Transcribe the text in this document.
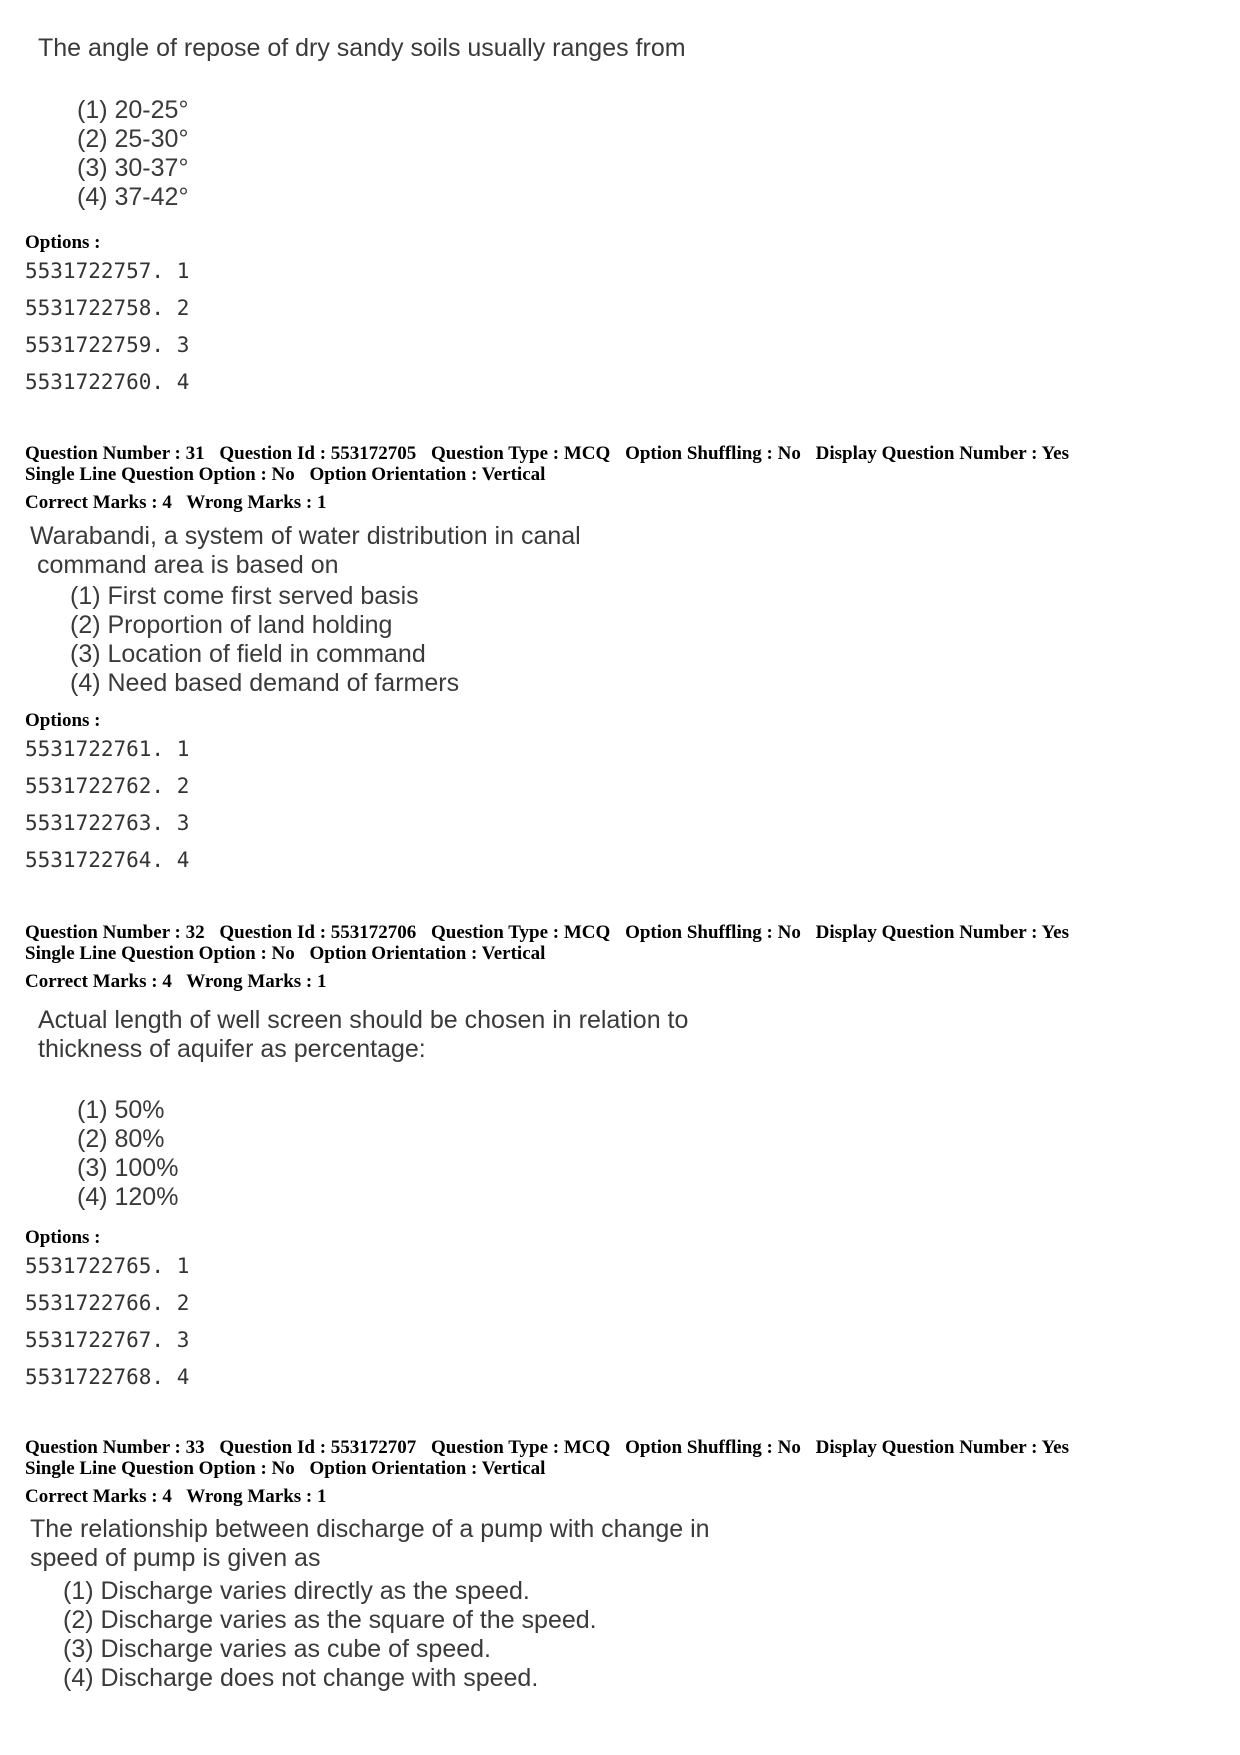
The angle of repose of dry sandy soils usually ranges from
(1) 20-25°
(2) 25-30°
(3) 30-37°
(4) 37-42°
Options :
5531722757. 1
5531722758. 2
5531722759. 3
5531722760. 4
Question Number : 31 Question Id : 553172705 Question Type : MCQ Option Shuffling : No Display Question Number : Yes
Single Line Question Option : No Option Orientation : Vertical
Correct Marks : 4 Wrong Marks : 1
Warabandi, a system of water distribution in canal
command area is based on
(1) First come first served basis
(2) Proportion of land holding
(3) Location of field in command
(4) Need based demand of farmers
Options :
5531722761. 1
5531722762. 2
5531722763. 3
5531722764. 4
Question Number : 32 Question Id : 553172706 Question Type : MCQ Option Shuffling : No Display Question Number : Yes
Single Line Question Option : No Option Orientation : Vertical
Correct Marks : 4 Wrong Marks : 1
Actual length of well screen should be chosen in relation to
thickness of aquifer as percentage:
(1) 50%
(2) 80%
(3) 100%
(4) 120%
Options :
5531722765. 1
5531722766. 2
5531722767. 3
5531722768. 4
Question Number : 33 Question Id : 553172707 Question Type : MCQ Option Shuffling : No Display Question Number : Yes
Single Line Question Option : No Option Orientation : Vertical
Correct Marks : 4 Wrong Marks : 1
The relationship between discharge of a pump with change in
speed of pump is given as
(1) Discharge varies directly as the speed.
(2) Discharge varies as the square of the speed.
(3) Discharge varies as cube of speed.
(4) Discharge does not change with speed.
